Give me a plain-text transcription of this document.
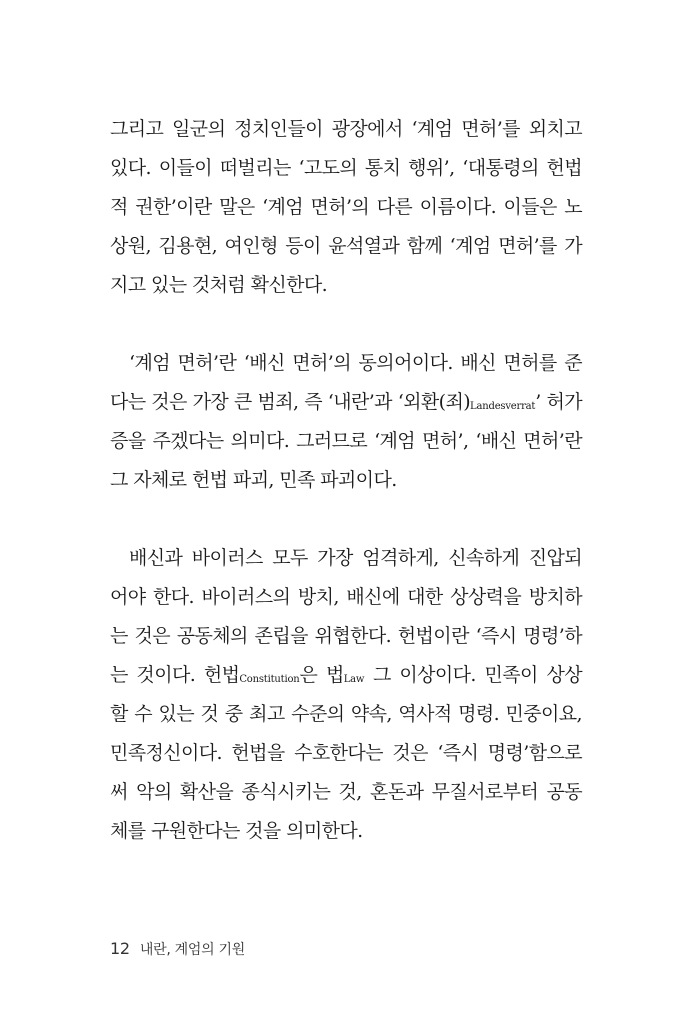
그리고 일군의 정치인들이 광장에서 ‘계엄 면허’를 외치고
있다. 이들이 떠벌리는 ‘고도의 통치 행위’, ‘대통령의 헌법
적 권한’이란 말은 ‘계엄 면허’의 다른 이름이다. 이들은 노
상원, 김용현, 여인형 등이 윤석열과 함께 ‘계엄 면허’를 가
지고 있는 것처럼 확신한다.
‘계엄 면허’란 ‘배신 면허’의 동의어이다. 배신 면허를 준
다는 것은 가장 큰 범죄, 즉 ‘내란’과 ‘외환(죄)Landesverrat’ 허가
증을 주겠다는 의미다. 그러므로 ‘계엄 면허’, ‘배신 면허’란
그 자체로 헌법 파괴, 민족 파괴이다.
배신과 바이러스 모두 가장 엄격하게, 신속하게 진압되
어야 한다. 바이러스의 방치, 배신에 대한 상상력을 방치하
는 것은 공동체의 존립을 위협한다. 헌법이란 ‘즉시 명령’하
는 것이다. 헌법Constitution은 법Law 그 이상이다. 민족이 상상
할 수 있는 것 중 최고 수준의 약속, 역사적 명령. 민중이요,
민족정신이다. 헌법을 수호한다는 것은 ‘즉시 명령’함으로
써 악의 확산을 종식시키는 것, 혼돈과 무질서로부터 공동
체를 구원한다는 것을 의미한다.
12 내란, 계엄의 기원
